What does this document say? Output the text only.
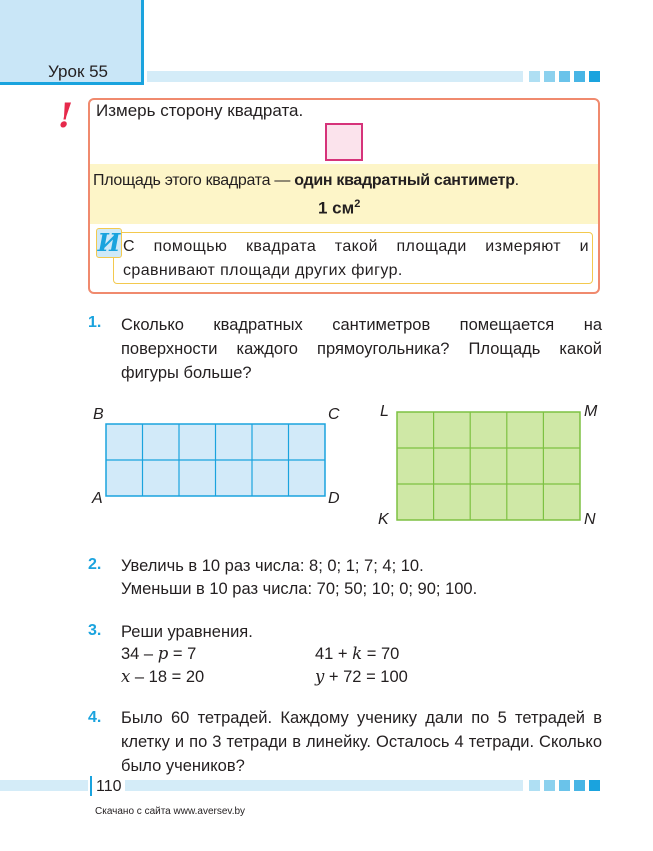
Урок 55
! Измерь сторону квадрата.
Площадь этого квадрата — один квадратный сантиметр.
1 $см^2$
И С помощью квадрата такой площади измеряют и сравнивают площади других фигур.
1. Сколько квадратных сантиметров помещается на поверхности каждого прямоугольника? Площадь какой фигуры больше?
B	C
A	D
L	M
K	N
2. Увеличь в 10 раз числа: 8; 0; 1; 7; 4; 10.
Уменьши в 10 раз числа: 70; 50; 10; 0; 90; 100.
3. Реши уравнения.
34 – p = 7	41 + k = 70
x – 18 = 20	y + 72 = 100
4. Было 60 тетрадей. Каждому ученику дали по 5 тетрадей в клетку и по 3 тетради в линейку. Осталось 4 тетради. Сколько было учеников?
110
Скачано с сайта www.aversev.by
